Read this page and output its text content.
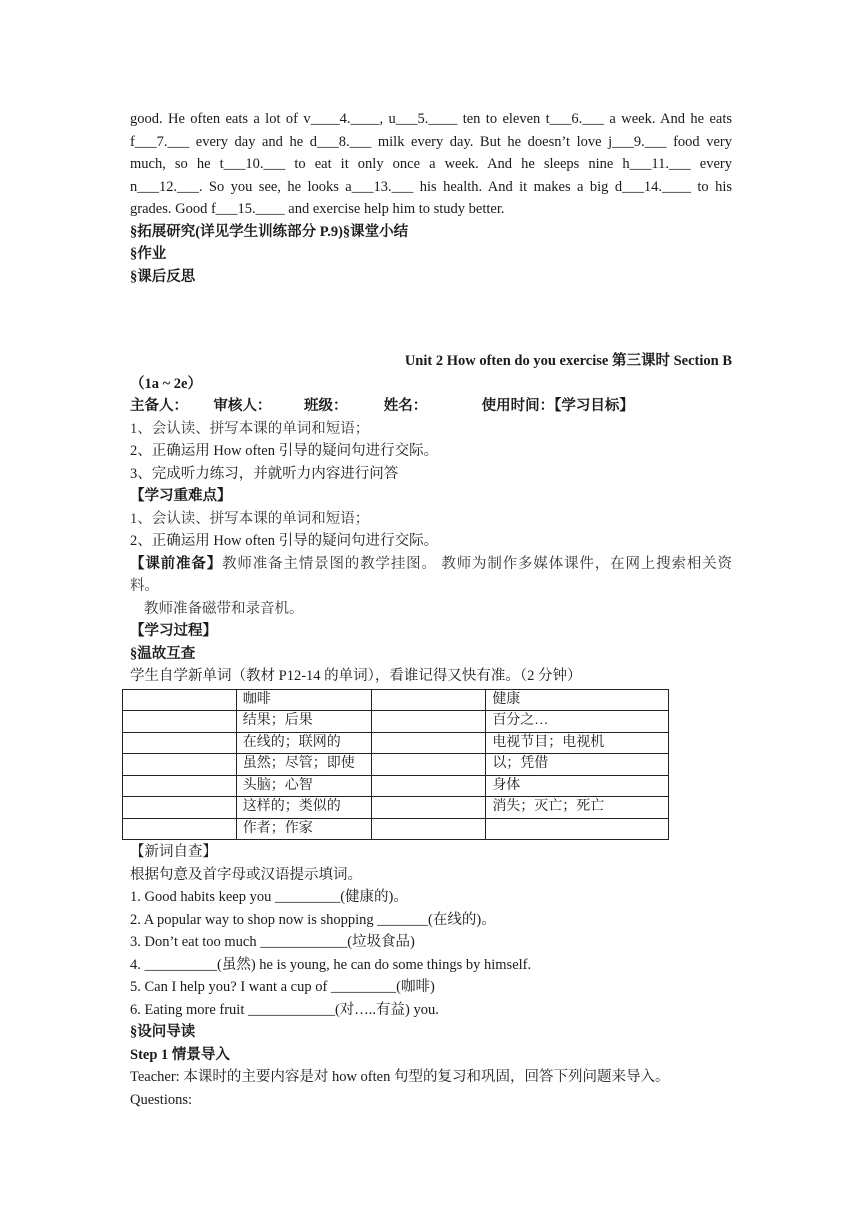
good. He often eats a lot of v____4.____, u___5.____ ten to eleven t___6.___ a week. And he eats
f___7.___ every day and he d___8.___ milk every day. But he doesn’t love j___9.___ food very
much, so he t___10.___ to eat it only once a week. And he sleeps nine h___11.___ every
n___12.___. So you see, he looks a___13.___ his health. And it makes a big d___14.____ to his
grades. Good f___15.____ and exercise help him to study better.
§拓展研究(详见学生训练部分 P.9)§课堂小结
§作业
§课后反思
Unit 2 How often do you exercise 第三课时 Section B
（1a ~ 2e）
主备人：       审核人：         班级：          姓名：               使用时间：【学习目标】
1、会认读、拼写本课的单词和短语；
2、正确运用 How often 引导的疑问句进行交际。
3、完成听力练习，并就听力内容进行问答
【学习重难点】
1、会认读、拼写本课的单词和短语；
2、正确运用 How often 引导的疑问句进行交际。
【课前准备】教师准备主情景图的教学挂图。 教师为制作多媒体课件，在网上搜索相关资
料。
教师准备磁带和录音机。
【学习过程】
§温故互查
学生自学新单词（教材 P12-14 的单词），看谁记得又快有准。（2 分钟）
	咖啡		健康
	结果；后果		百分之…
	在线的；联网的		电视节目；电视机
	虽然；尽管；即使		以；凭借
	头脑；心智		身体
	这样的；类似的		消失；灭亡；死亡
	作者；作家		
【新词自查】
根据句意及首字母或汉语提示填词。
1. Good habits keep you _________(健康的)。
2. A popular way to shop now is shopping _______(在线的)。
3. Don’t eat too much ____________(垃圾食品)
4. __________(虽然) he is young, he can do some things by himself.
5. Can I help you? I want a cup of _________(咖啡)
6. Eating more fruit ____________(对…..有益) you.
§设问导读
Step 1 情景导入
Teacher: 本课时的主要内容是对 how often 句型的复习和巩固，回答下列问题来导入。
Questions:
